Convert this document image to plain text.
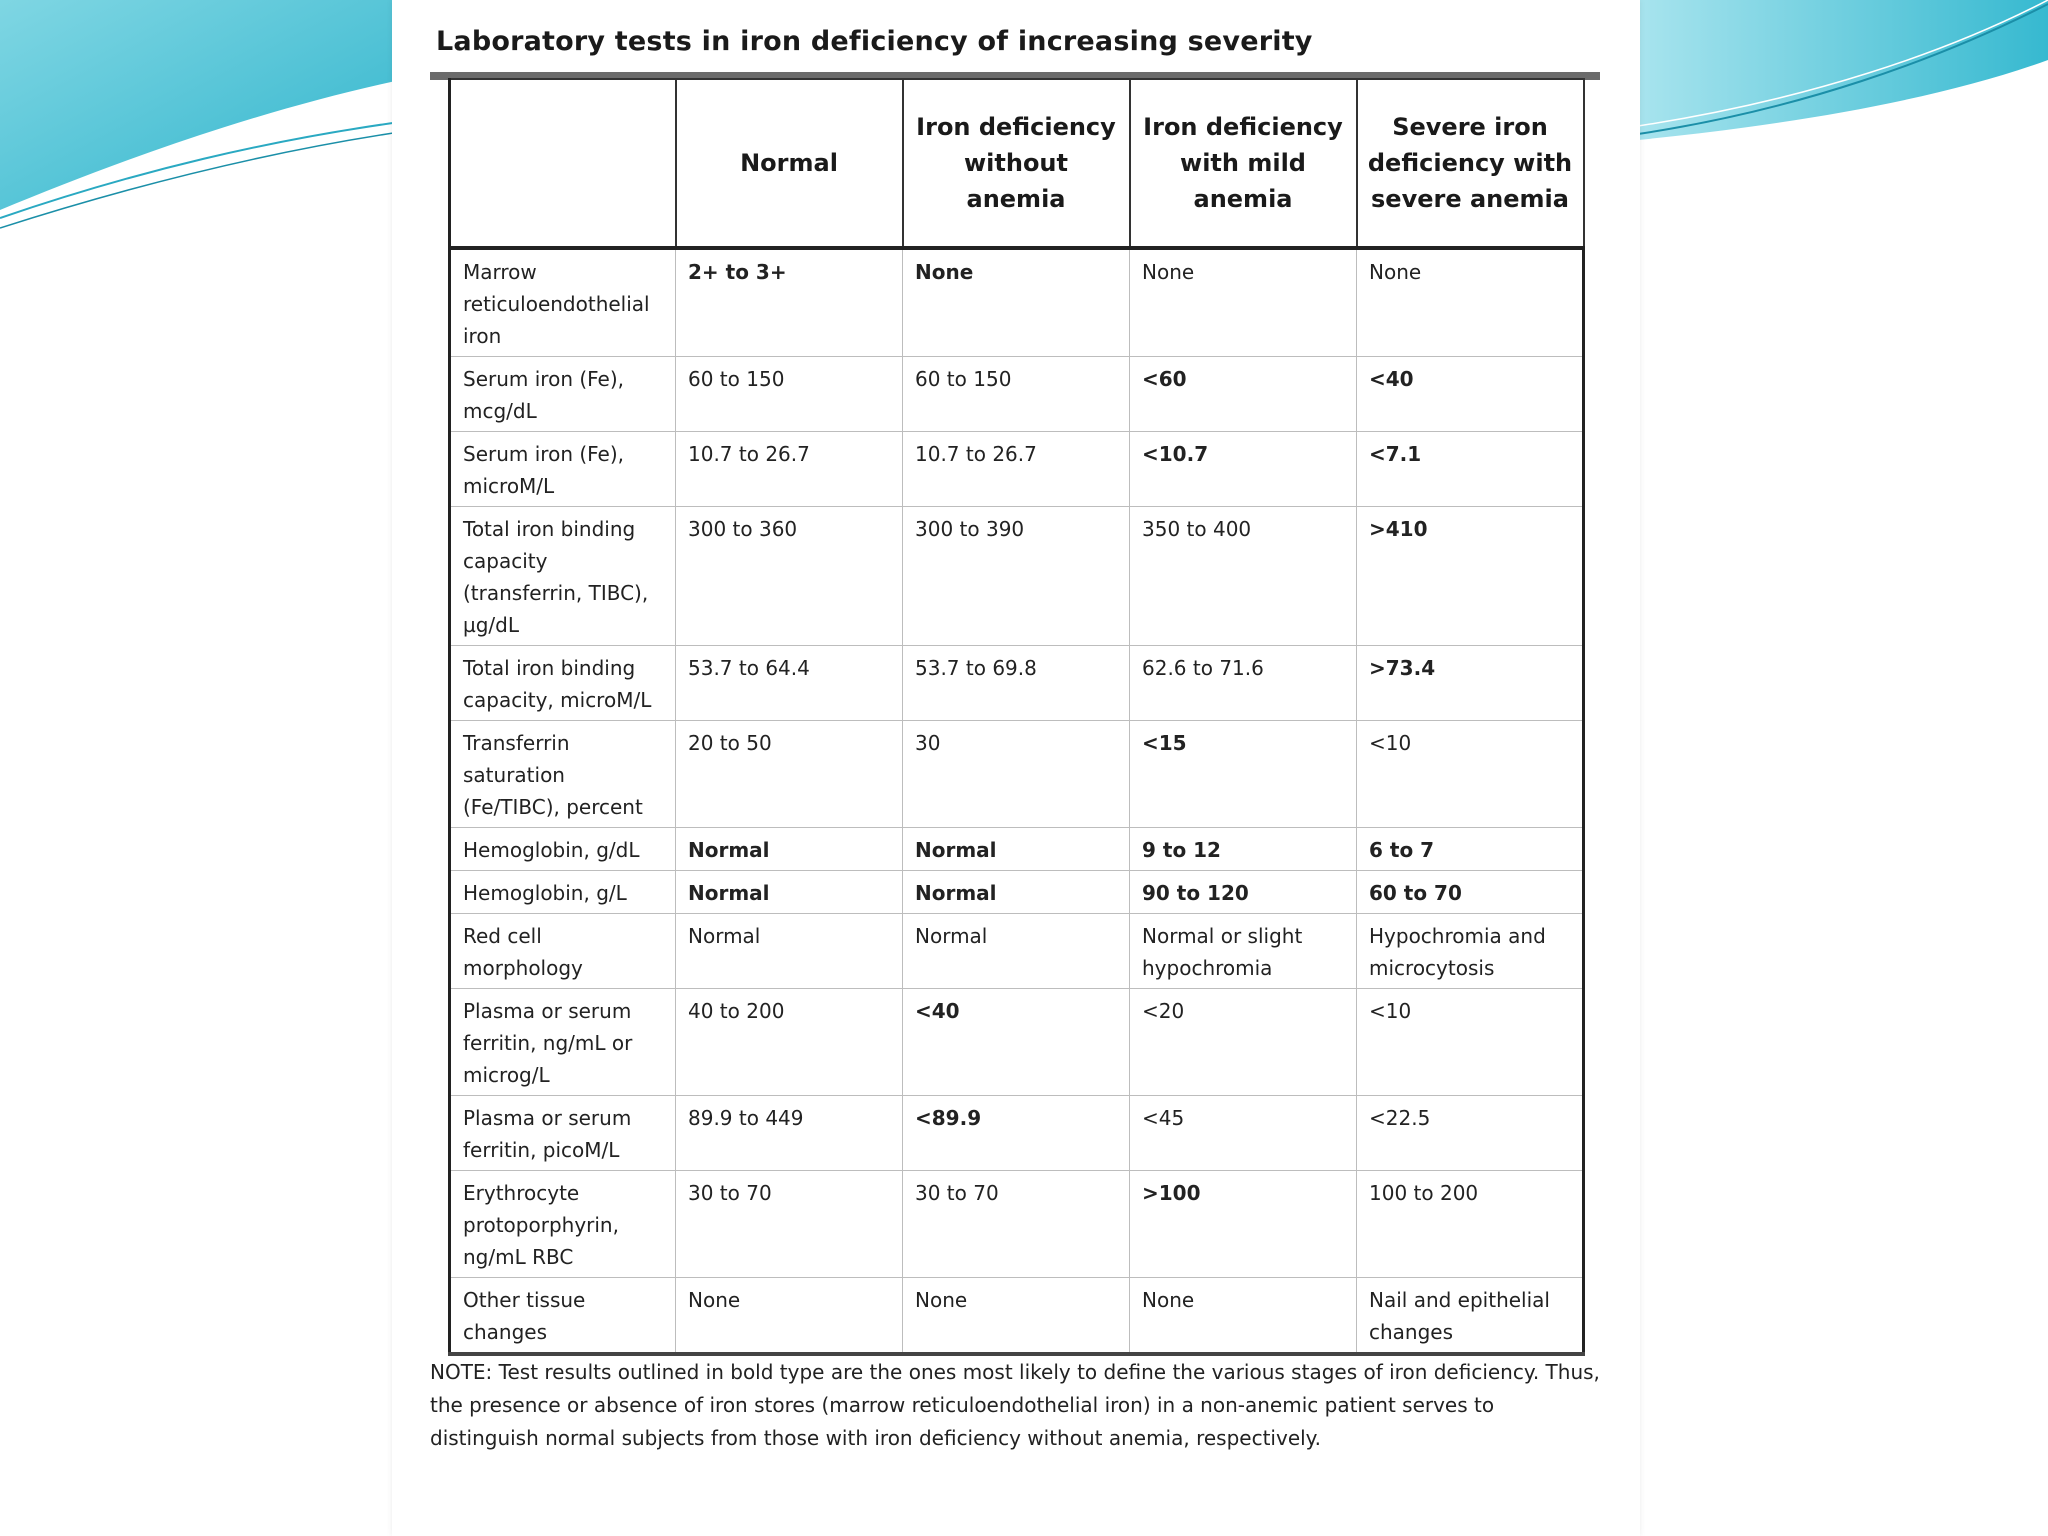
Laboratory tests in iron deficiency of increasing severity
	Normal	Iron deficiency without anemia	Iron deficiency with mild anemia	Severe iron deficiency with severe anemia
Marrow reticuloendothelial iron	2+ to 3+	None	None	None
Serum iron (Fe), mcg/dL	60 to 150	60 to 150	<60	<40
Serum iron (Fe), microM/L	10.7 to 26.7	10.7 to 26.7	<10.7	<7.1
Total iron binding capacity (transferrin, TIBC), µg/dL	300 to 360	300 to 390	350 to 400	>410
Total iron binding capacity, microM/L	53.7 to 64.4	53.7 to 69.8	62.6 to 71.6	>73.4
Transferrin saturation (Fe/TIBC), percent	20 to 50	30	<15	<10
Hemoglobin, g/dL	Normal	Normal	9 to 12	6 to 7
Hemoglobin, g/L	Normal	Normal	90 to 120	60 to 70
Red cell morphology	Normal	Normal	Normal or slight hypochromia	Hypochromia and microcytosis
Plasma or serum ferritin, ng/mL or microg/L	40 to 200	<40	<20	<10
Plasma or serum ferritin, picoM/L	89.9 to 449	<89.9	<45	<22.5
Erythrocyte protoporphyrin, ng/mL RBC	30 to 70	30 to 70	>100	100 to 200
Other tissue changes	None	None	None	Nail and epithelial changes

NOTE: Test results outlined in bold type are the ones most likely to define the various stages of iron deficiency. Thus, the presence or absence of iron stores (marrow reticuloendothelial iron) in a non-anemic patient serves to distinguish normal subjects from those with iron deficiency without anemia, respectively.
